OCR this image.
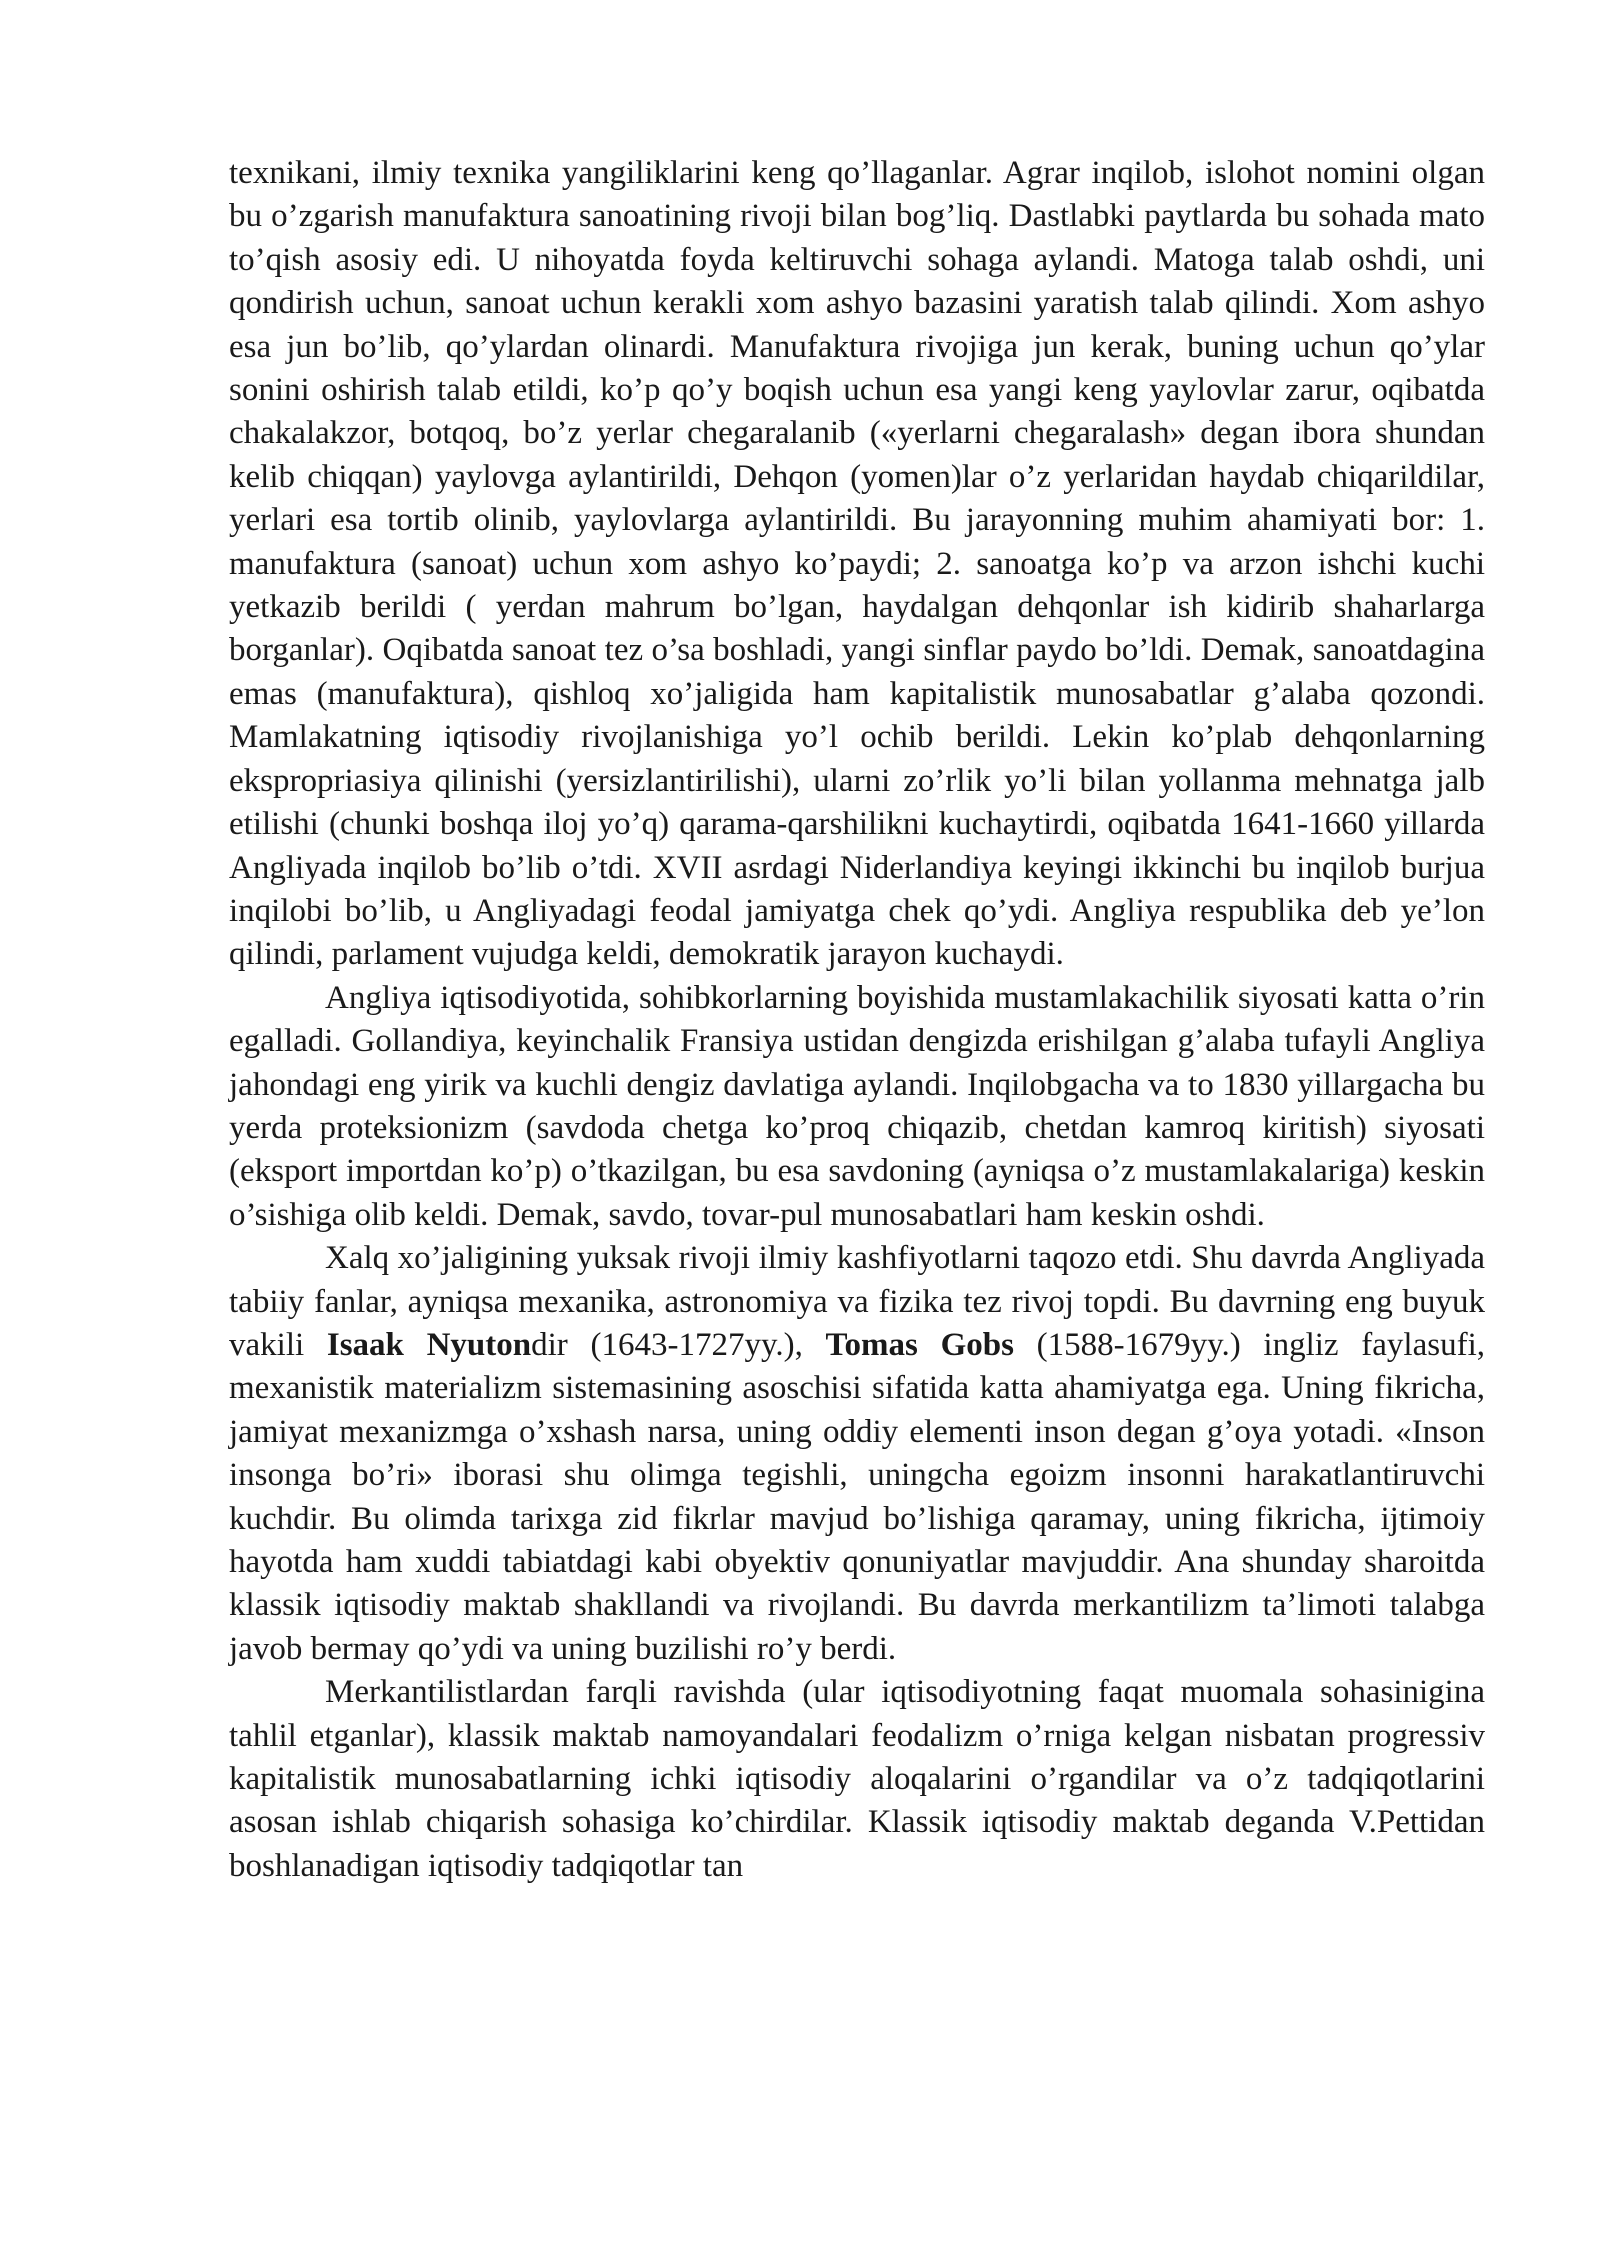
texnikani, ilmiy texnika yangiliklarini keng qo’llaganlar. Agrar inqilob, islohot nomini olgan bu o’zgarish manufaktura sanoatining rivoji bilan bog’liq. Dastlabki paytlarda bu sohada mato to’qish asosiy edi. U nihoyatda foyda keltiruvchi sohaga aylandi. Matoga talab oshdi, uni qondirish uchun, sanoat uchun kerakli xom ashyo bazasini yaratish talab qilindi. Xom ashyo esa jun bo’lib, qo’ylardan olinardi. Manufaktura rivojiga jun kerak, buning uchun qo’ylar sonini oshirish talab etildi, ko’p qo’y boqish uchun esa yangi keng yaylovlar zarur, oqibatda chakalakzor, botqoq, bo’z yerlar chegaralanib («yerlarni chegaralash» degan ibora shundan kelib chiqqan) yaylovga aylantirildi, Dehqon (yomen)lar o’z yerlaridan haydab chiqarildilar, yerlari esa tortib olinib, yaylovlarga aylantirildi. Bu jarayonning muhim ahamiyati bor: 1. manufaktura (sanoat) uchun xom ashyo ko’paydi; 2. sanoatga ko’p va arzon ishchi kuchi yetkazib berildi ( yerdan mahrum bo’lgan, haydalgan dehqonlar ish kidirib shaharlarga borganlar). Oqibatda sanoat tez o’sa boshladi, yangi sinflar paydo bo’ldi. Demak, sanoatdagina emas (manufaktura), qishloq xo’jaligida ham kapitalistik munosabatlar g’alaba qozondi. Mamlakatning iqtisodiy rivojlanishiga yo’l ochib berildi. Lekin ko’plab dehqonlarning ekspropriasiya qilinishi (yersizlantirilishi), ularni zo’rlik yo’li bilan yollanma mehnatga jalb etilishi (chunki boshqa iloj yo’q) qarama-qarshilikni kuchaytirdi, oqibatda 1641-1660 yillarda Angliyada inqilob bo’lib o’tdi. XVII asrdagi Niderlandiya keyingi ikkinchi bu inqilob burjua inqilobi bo’lib, u Angliyadagi feodal jamiyatga chek qo’ydi. Angliya respublika deb ye’lon qilindi, parlament vujudga keldi, demokratik jarayon kuchaydi.

Angliya iqtisodiyotida, sohibkorlarning boyishida mustamlakachilik siyosati katta o’rin egalladi. Gollandiya, keyinchalik Fransiya ustidan dengizda erishilgan g’alaba tufayli Angliya jahondagi eng yirik va kuchli dengiz davlatiga aylandi. Inqilobgacha va to 1830 yillargacha bu yerda proteksionizm (savdoda chetga ko’proq chiqazib, chetdan kamroq kiritish) siyosati (eksport importdan ko’p) o’tkazilgan, bu esa savdoning (ayniqsa o’z mustamlakalariga) keskin o’sishiga olib keldi. Demak, savdo, tovar-pul munosabatlari ham keskin oshdi.

Xalq xo’jaligining yuksak rivoji ilmiy kashfiyotlarni taqozo etdi. Shu davrda Angliyada tabiiy fanlar, ayniqsa mexanika, astronomiya va fizika tez rivoj topdi. Bu davrning eng buyuk vakili Isaak Nyutondir (1643-1727yy.), Tomas Gobs (1588-1679yy.) ingliz faylasufi, mexanistik materializm sistemasining asoschisi sifatida katta ahamiyatga ega. Uning fikricha, jamiyat mexanizmga o’xshash narsa, uning oddiy elementi inson degan g’oya yotadi. «Inson insonga bo’ri» iborasi shu olimga tegishli, uningcha egoizm insonni harakatlantiruvchi kuchdir. Bu olimda tarixga zid fikrlar mavjud bo’lishiga qaramay, uning fikricha, ijtimoiy hayotda ham xuddi tabiatdagi kabi obyektiv qonuniyatlar mavjuddir. Ana shunday sharoitda klassik iqtisodiy maktab shakllandi va rivojlandi. Bu davrda merkantilizm ta’limoti talabga javob bermay qo’ydi va uning buzilishi ro’y berdi.

Merkantilistlardan farqli ravishda (ular iqtisodiyotning faqat muomala sohasinigina tahlil etganlar), klassik maktab namoyandalari feodalizm o’rniga kelgan nisbatan progressiv kapitalistik munosabatlarning ichki iqtisodiy aloqalarini o’rgandilar va o’z tadqiqotlarini asosan ishlab chiqarish sohasiga ko’chirdilar. Klassik iqtisodiy maktab deganda V.Pettidan boshlanadigan iqtisodiy tadqiqotlar tan
